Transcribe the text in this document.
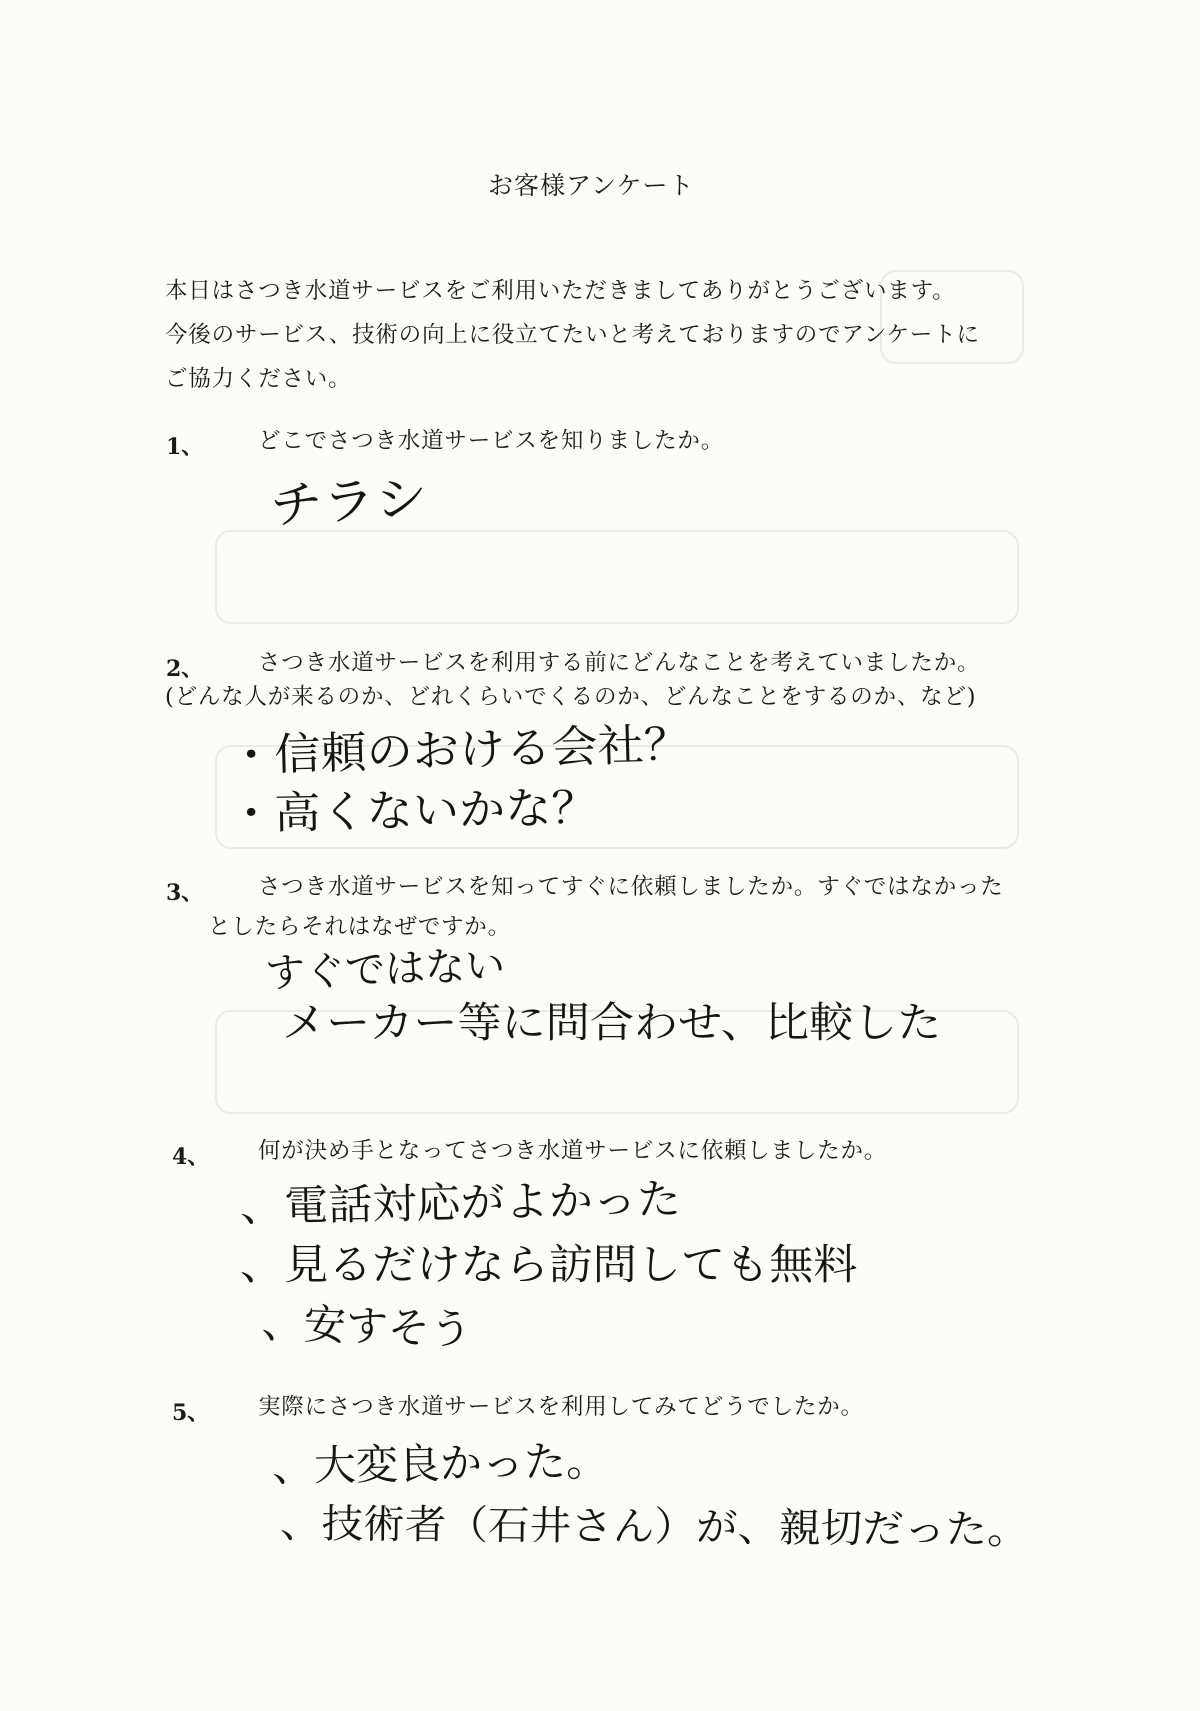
お客様アンケート
本日はさつき水道サービスをご利用いただきましてありがとうございます。
今後のサービス、技術の向上に役立てたいと考えておりますのでアンケートに
ご協力ください。
1、 どこでさつき水道サービスを知りましたか。
チラシ
2、 さつき水道サービスを利用する前にどんなことを考えていましたか。
(どんな人が来るのか、どれくらいでくるのか、どんなことをするのか、など)
・信頼のおける会社？
・高くないかな？
3、 さつき水道サービスを知ってすぐに依頼しましたか。すぐではなかった
としたらそれはなぜですか。
すぐではない
メーカー等に問合わせ、比較した
4、 何が決め手となってさつき水道サービスに依頼しましたか。
、電話対応がよかった
、見るだけなら訪問しても無料
、安すそう
5、 実際にさつき水道サービスを利用してみてどうでしたか。
、大変良かった。
、技術者（石井さん）が、親切だった。
